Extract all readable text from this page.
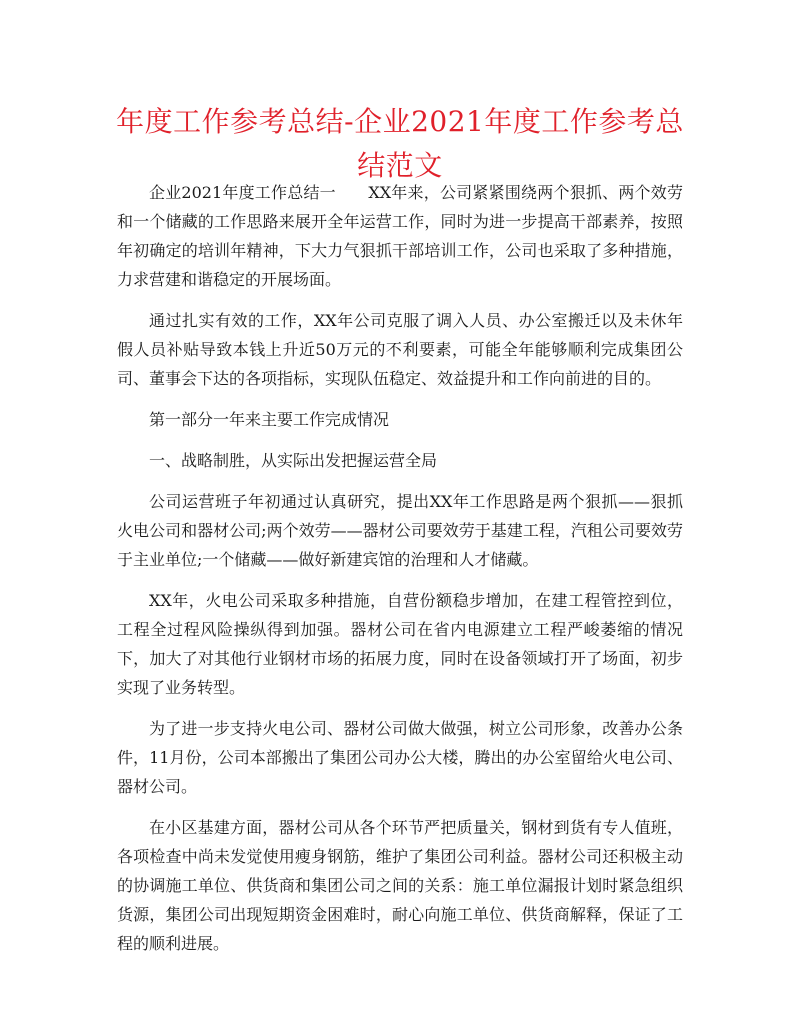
年度工作参考总结-企业2021年度工作参考总结范文

企业2021年度工作总结一　　XX年来，公司紧紧围绕两个狠抓、两个效劳和一个储藏的工作思路来展开全年运营工作，同时为进一步提高干部素养，按照年初确定的培训年精神，下大力气狠抓干部培训工作，公司也采取了多种措施，力求营建和谐稳定的开展场面。

通过扎实有效的工作，XX年公司克服了调入人员、办公室搬迁以及未休年假人员补贴导致本钱上升近50万元的不利要素，可能全年能够顺利完成集团公司、董事会下达的各项指标，实现队伍稳定、效益提升和工作向前进的目的。

第一部分一年来主要工作完成情况

一、战略制胜，从实际出发把握运营全局

公司运营班子年初通过认真研究，提出XX年工作思路是两个狠抓——狠抓火电公司和器材公司;两个效劳——器材公司要效劳于基建工程，汽租公司要效劳于主业单位;一个储藏——做好新建宾馆的治理和人才储藏。

XX年，火电公司采取多种措施，自营份额稳步增加，在建工程管控到位，工程全过程风险操纵得到加强。器材公司在省内电源建立工程严峻萎缩的情况下，加大了对其他行业钢材市场的拓展力度，同时在设备领域打开了场面，初步实现了业务转型。

为了进一步支持火电公司、器材公司做大做强，树立公司形象，改善办公条件，11月份，公司本部搬出了集团公司办公大楼，腾出的办公室留给火电公司、器材公司。

在小区基建方面，器材公司从各个环节严把质量关，钢材到货有专人值班，各项检查中尚未发觉使用瘦身钢筋，维护了集团公司利益。器材公司还积极主动的协调施工单位、供货商和集团公司之间的关系：施工单位漏报计划时紧急组织货源，集团公司出现短期资金困难时，耐心向施工单位、供货商解释，保证了工程的顺利进展。
